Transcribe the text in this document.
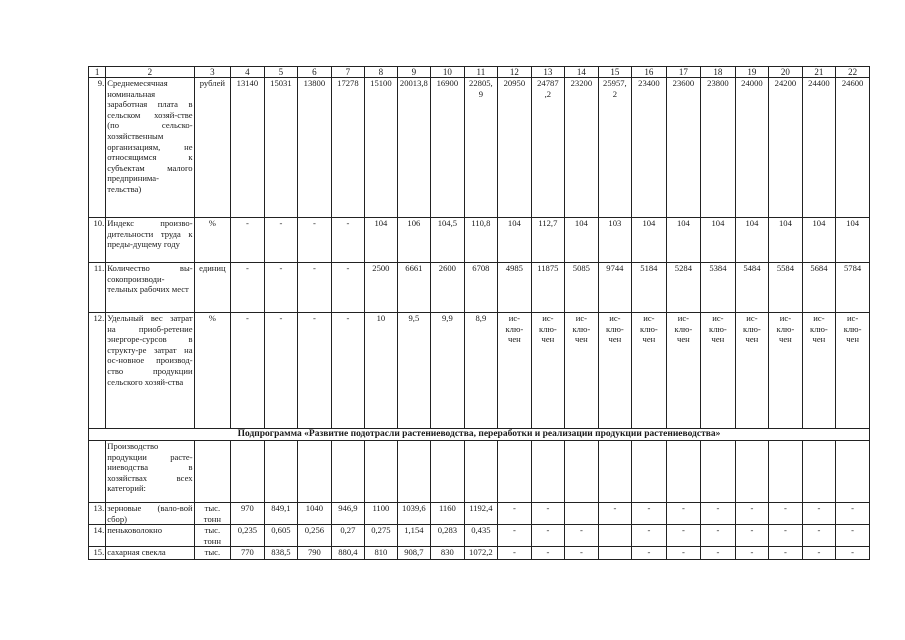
1	2	3	4	5	6	7	8	9	10	11	12	13	14	15	16	17	18	19	20	21	22

9.	Среднемесячная номинальная заработная плата в сельском хозяй-стве (по сельско-хозяйственным организациям, не относящимся к субъектам малого предпринима-тельства)	рублей	13140	15031	13800	17278	15100	20013,8	16900	22805,
9	20950	24787
,2	23200	25957,
2	23400	23600	23800	24000	24200	24400	24600

10.	Индекс произво-дительности труда к преды-дущему году	%	-	-	-	-	104	106	104,5	110,8	104	112,7	104	103	104	104	104	104	104	104	104

11.	Количество вы-сокопроизводи-тельных рабочих мест	единиц	-	-	-	-	2500	6661	2600	6708	4985	11875	5085	9744	5184	5284	5384	5484	5584	5684	5784

12.	Удельный вес затрат на приоб-ретение энергоре-сурсов в структу-ре затрат на ос-новное производ-ство продукции сельского хозяй-ства	%	-	-	-	-	10	9,5	9,9	8,9	ис-
клю-
чен	ис-
клю-
чен	ис-
клю-
чен	ис-
клю-
чен	ис-
клю-
чен	ис-
клю-
чен	ис-
клю-
чен	ис-
клю-
чен	ис-
клю-
чен	ис-
клю-
чен	ис-
клю-
чен

Подпрограмма «Развитие подотрасли растениеводства, переработки и реализации продукции растениеводства»																					

	Производство продукции расте-ниеводства в хозяйствах всех категорий:																				

13.	зерновые (вало-вой сбор)	тыс.
тонн	970	849,1	1040	946,9	1100	1039,6	1160	1192,4	-	-		-	-	-	-	-	-	-	-

14.	пеньковолокно	тыс.
тонн	0,235	0,605	0,256	0,27	0,275	1,154	0,283	0,435	-	-	-		-	-	-	-	-	-	-

15.	сахарная свекла	тыс.	770	838,5	790	880,4	810	908,7	830	1072,2	-	-	-		-	-	-	-	-	-	-
